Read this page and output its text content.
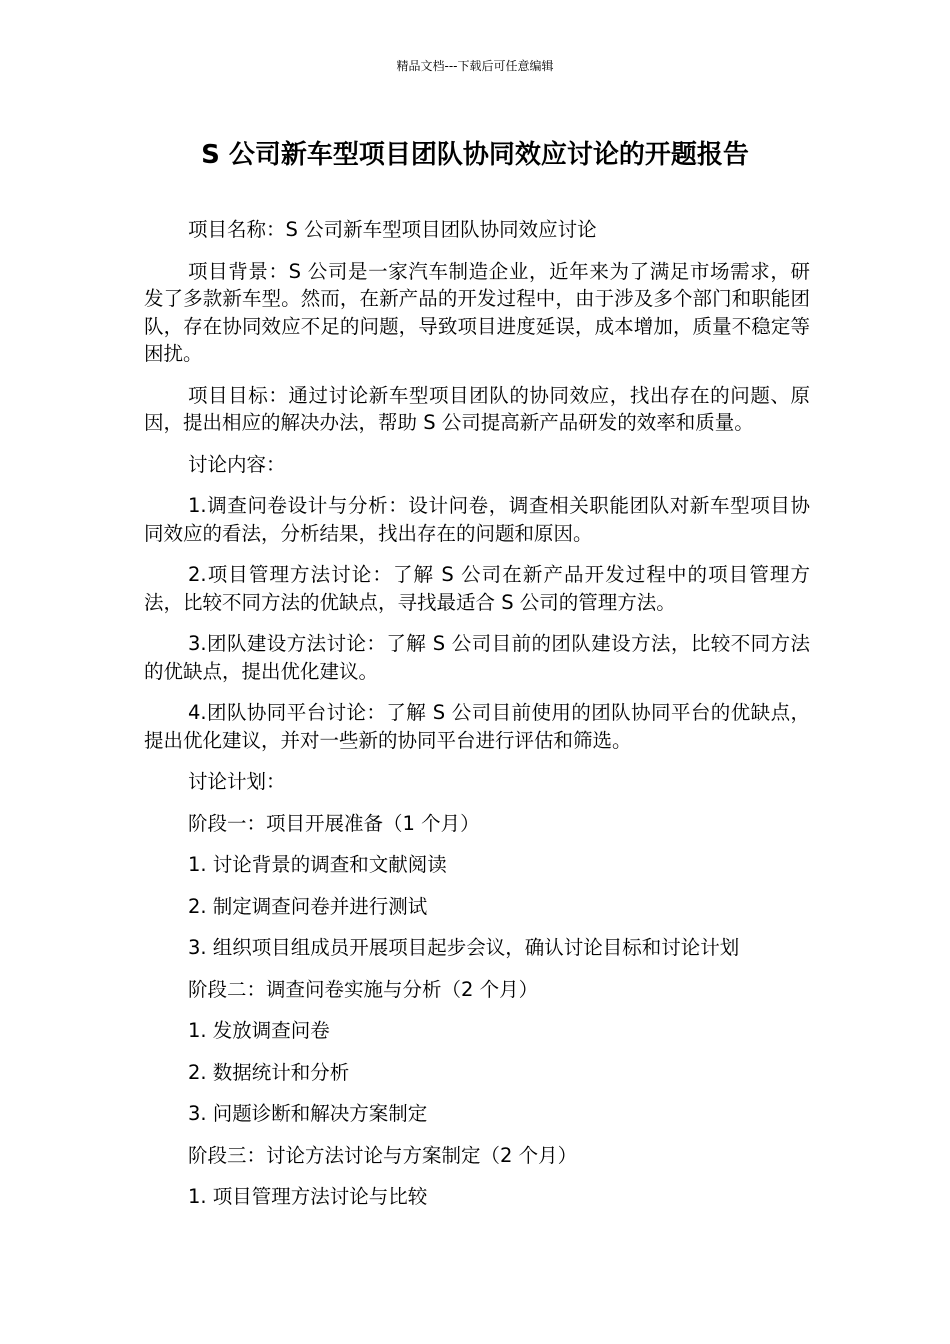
精品文档---下载后可任意编辑
S 公司新车型项目团队协同效应讨论的开题报告

项目名称：S 公司新车型项目团队协同效应讨论

项目背景：S 公司是一家汽车制造企业，近年来为了满足市场需求，研发了多款新车型。然而，在新产品的开发过程中，由于涉及多个部门和职能团队，存在协同效应不足的问题，导致项目进度延误，成本增加，质量不稳定等困扰。

项目目标：通过讨论新车型项目团队的协同效应，找出存在的问题、原因，提出相应的解决办法，帮助 S 公司提高新产品研发的效率和质量。

讨论内容：

1.调查问卷设计与分析：设计问卷，调查相关职能团队对新车型项目协同效应的看法，分析结果，找出存在的问题和原因。

2.项目管理方法讨论：了解 S 公司在新产品开发过程中的项目管理方法，比较不同方法的优缺点，寻找最适合 S 公司的管理方法。

3.团队建设方法讨论：了解 S 公司目前的团队建设方法，比较不同方法的优缺点，提出优化建议。

4.团队协同平台讨论：了解 S 公司目前使用的团队协同平台的优缺点，提出优化建议，并对一些新的协同平台进行评估和筛选。

讨论计划：

阶段一：项目开展准备（1 个月）

1. 讨论背景的调查和文献阅读

2. 制定调查问卷并进行测试

3. 组织项目组成员开展项目起步会议，确认讨论目标和讨论计划

阶段二：调查问卷实施与分析（2 个月）

1. 发放调查问卷

2. 数据统计和分析

3. 问题诊断和解决方案制定

阶段三：讨论方法讨论与方案制定（2 个月）

1. 项目管理方法讨论与比较
